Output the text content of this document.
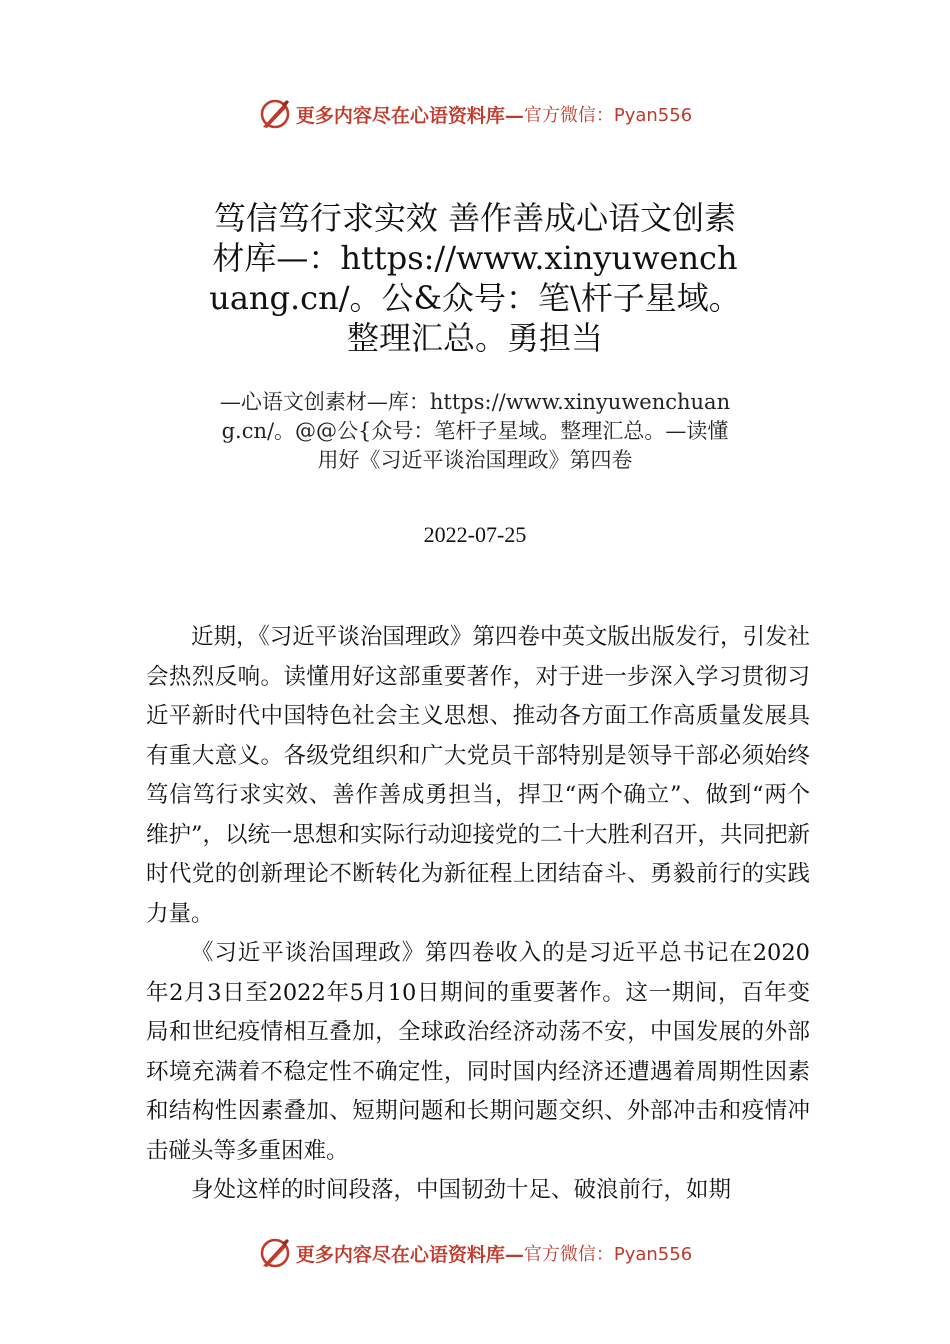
更多内容尽在心语资料库— 官方微信：Pyan556
笃信笃行求实效 善作善成心语文创素材库—：https://www.xinyuwenchuang.cn/。公&众号：笔\杆子星域。整理汇总。勇担当
—心语文创素材—库：https://www.xinyuwenchuang.cn/。@@公{众号：笔杆子星域。整理汇总。—读懂用好《习近平谈治国理政》第四卷
2022-07-25

近期，《习近平谈治国理政》第四卷中英文版出版发行，引发社会热烈反响。读懂用好这部重要著作，对于进一步深入学习贯彻习近平新时代中国特色社会主义思想、推动各方面工作高质量发展具有重大意义。各级党组织和广大党员干部特别是领导干部必须始终笃信笃行求实效、善作善成勇担当，捍卫“两个确立”、做到“两个维护”，以统一思想和实际行动迎接党的二十大胜利召开，共同把新时代党的创新理论不断转化为新征程上团结奋斗、勇毅前行的实践力量。

《习近平谈治国理政》第四卷收入的是习近平总书记在2020年2月3日至2022年5月10日期间的重要著作。这一期间，百年变局和世纪疫情相互叠加，全球政治经济动荡不安，中国发展的外部环境充满着不稳定性不确定性，同时国内经济还遭遇着周期性因素和结构性因素叠加、短期问题和长期问题交织、外部冲击和疫情冲击碰头等多重困难。

身处这样的时间段落，中国韧劲十足、破浪前行，如期

更多内容尽在心语资料库— 官方微信：Pyan556
